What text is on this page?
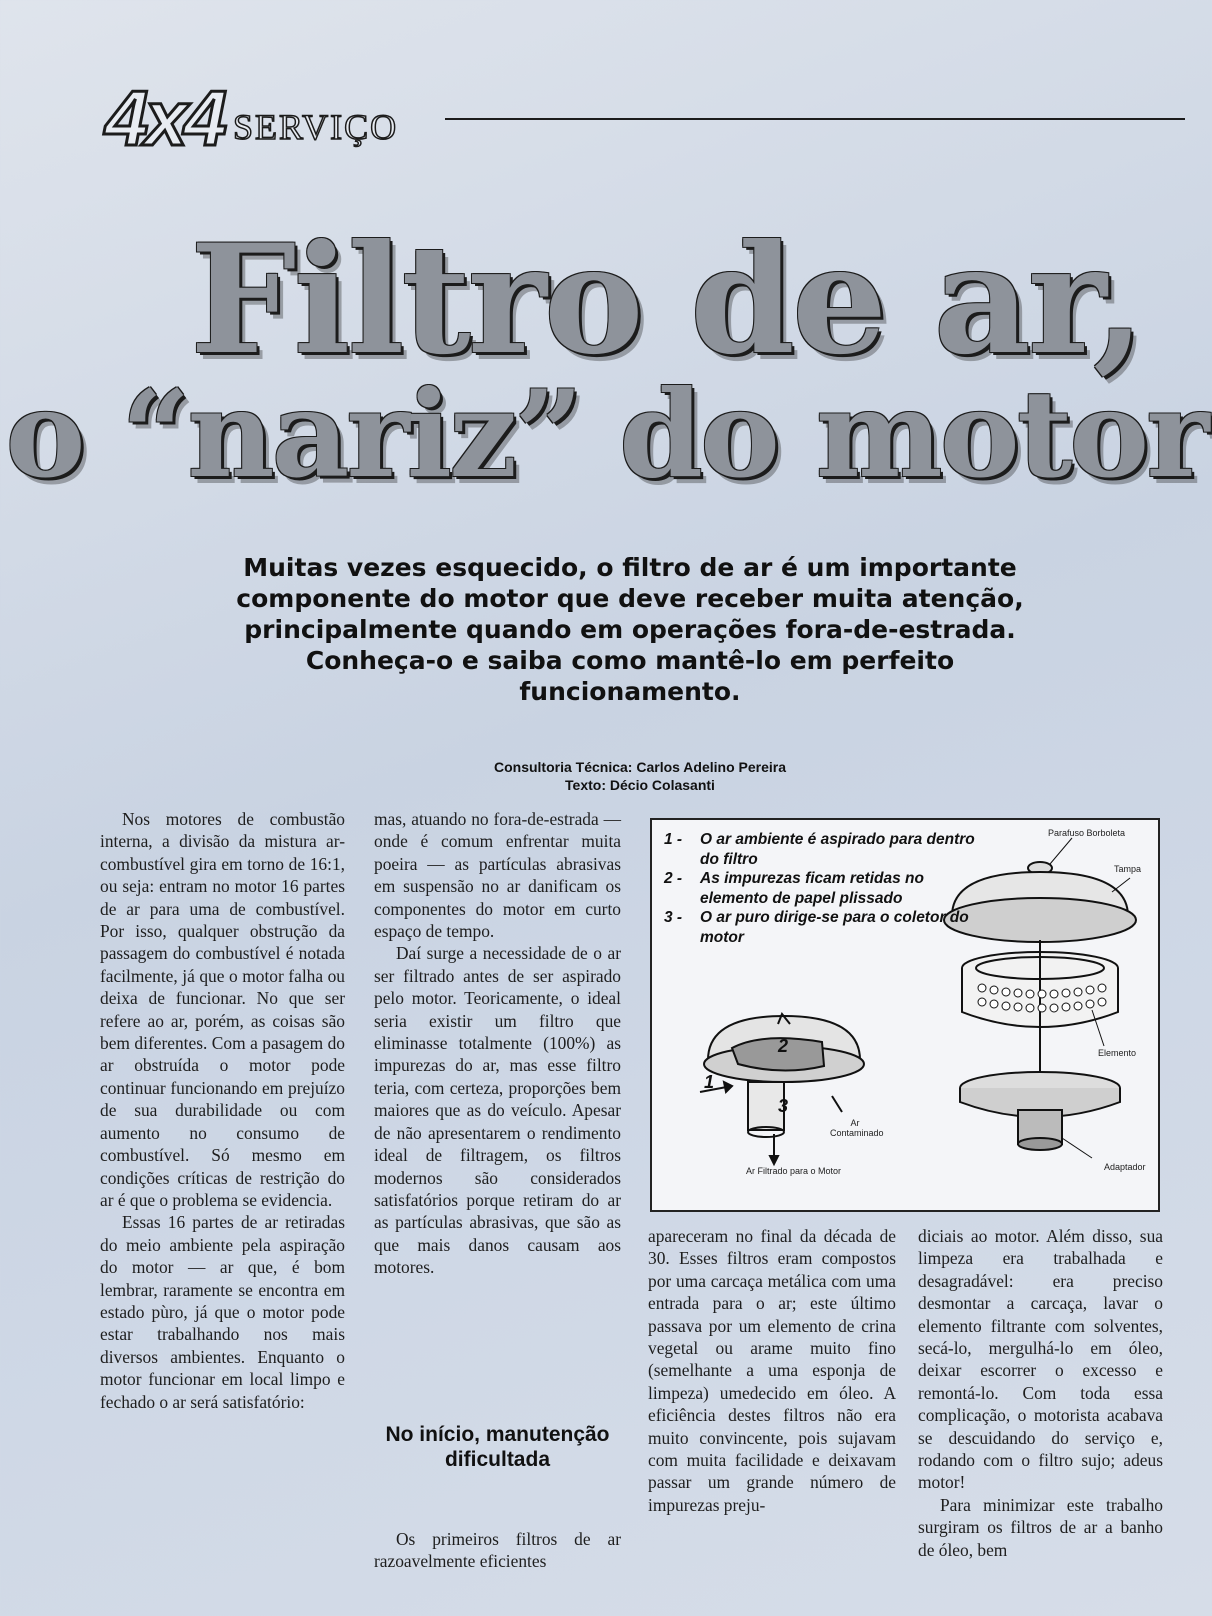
4x4 SERVIÇO
Filtro de ar,
o “nariz” do motor
Muitas vezes esquecido, o filtro de ar é um importante componente do motor que deve receber muita atenção, principalmente quando em operações fora-de-estrada. Conheça-o e saiba como mantê-lo em perfeito funcionamento.
Consultoria Técnica: Carlos Adelino Pereira
Texto: Décio Colasanti

Nos motores de combustão interna, a divisão da mistura ar-combustível gira em torno de 16:1, ou seja: entram no motor 16 partes de ar para uma de combustível. Por isso, qualquer obstrução da passagem do combustível é notada facilmente, já que o motor falha ou deixa de funcionar. No que ser refere ao ar, porém, as coisas são bem diferentes. Com a pasagem do ar obstruída o motor pode continuar funcionando em prejuízo de sua durabilidade ou com aumento no consumo de combustível. Só mesmo em condições críticas de restrição do ar é que o problema se evidencia.

Essas 16 partes de ar retiradas do meio ambiente pela aspiração do motor — ar que, é bom lembrar, raramente se encontra em estado pùro, já que o motor pode estar trabalhando nos mais diversos ambientes. Enquanto o motor funcionar em local limpo e fechado o ar será satisfatório:

mas, atuando no fora-de-estrada — onde é comum enfrentar muita poeira — as partículas abrasivas em suspensão no ar danificam os componentes do motor em curto espaço de tempo.

Daí surge a necessidade de o ar ser filtrado antes de ser aspirado pelo motor. Teoricamente, o ideal seria existir um filtro que eliminasse totalmente (100%) as impurezas do ar, mas esse filtro teria, com certeza, proporções bem maiores que as do veículo. Apesar de não apresentarem o rendimento ideal de filtragem, os filtros modernos são considerados satisfatórios porque retiram do ar as partículas abrasivas, que são as que mais danos causam aos motores.

No início, manutenção dificultada

Os primeiros filtros de ar razoavelmente eficientes

apareceram no final da década de 30. Esses filtros eram compostos por uma carcaça metálica com uma entrada para o ar; este último passava por um elemento de crina vegetal ou arame muito fino (semelhante a uma esponja de limpeza) umedecido em óleo. A eficiência destes filtros não era muito convincente, pois sujavam com muita facilidade e deixavam passar um grande número de impurezas preju-

diciais ao motor. Além disso, sua limpeza era trabalhada e desagradável: era preciso desmontar a carcaça, lavar o elemento filtrante com solventes, secá-lo, mergulhá-lo em óleo, deixar escorrer o excesso e remontá-lo. Com toda essa complicação, o motorista acabava se descuidando do serviço e, rodando com o filtro sujo; adeus motor!

Para minimizar este trabalho surgiram os filtros de ar a banho de óleo, bem

1 -	O ar ambiente é aspirado para dentro do filtro
2 -	As impurezas ficam retidas no elemento de papel plissado
3 -	O ar puro dirige-se para o coletor do motor
Parafuso Borboleta
Tampa
Elemento
Adaptador
Ar Contaminado
Ar Filtrado para o Motor
1
2
3
